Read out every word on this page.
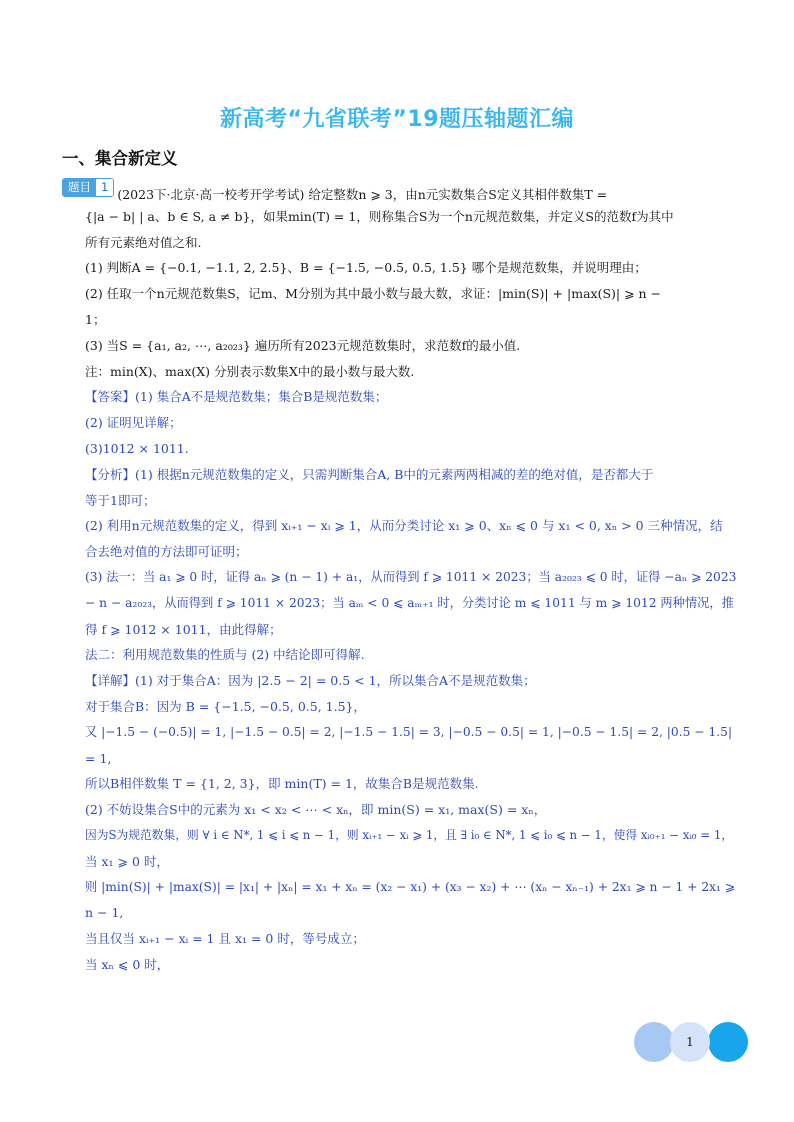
新高考“九省联考”19题压轴题汇编
一、集合新定义
题目 1 (2023下·北京·高一校考开学考试) 给定整数n ⩾ 3，由n元实数集合S定义其相伴数集T =
{|a − b| | a、b ∈ S, a ≠ b}，如果min(T) = 1，则称集合S为一个n元规范数集，并定义S的范数f为其中
所有元素绝对值之和.
(1) 判断A = {−0.1, −1.1, 2, 2.5}、B = {−1.5, −0.5, 0.5, 1.5} 哪个是规范数集，并说明理由；
(2) 任取一个n元规范数集S，记m、M分别为其中最小数与最大数，求证：|min(S)| + |max(S)| ⩾ n −
1；
(3) 当S = {a₁, a₂, ⋯, a₂₀₂₃} 遍历所有2023元规范数集时，求范数f的最小值.
注：min(X)、max(X) 分别表示数集X中的最小数与最大数.
【答案】(1) 集合A不是规范数集；集合B是规范数集；
(2) 证明见详解；
(3)1012 × 1011.
【分析】(1) 根据n元规范数集的定义，只需判断集合A, B中的元素两两相减的差的绝对值，是否都大于
等于1即可；
(2) 利用n元规范数集的定义，得到 xᵢ₊₁ − xᵢ ⩾ 1，从而分类讨论 x₁ ⩾ 0、xₙ ⩽ 0 与 x₁ < 0, xₙ > 0 三种情况，结
合去绝对值的方法即可证明；
(3) 法一：当 a₁ ⩾ 0 时，证得 aₙ ⩾ (n − 1) + a₁，从而得到 f ⩾ 1011 × 2023；当 a₂₀₂₃ ⩽ 0 时，证得 −aₙ ⩾ 2023
− n − a₂₀₂₃，从而得到 f ⩾ 1011 × 2023；当 aₘ < 0 ⩽ aₘ₊₁ 时，分类讨论 m ⩽ 1011 与 m ⩾ 1012 两种情况，推
得 f ⩾ 1012 × 1011，由此得解；
法二：利用规范数集的性质与 (2) 中结论即可得解.
【详解】(1) 对于集合A：因为 |2.5 − 2| = 0.5 < 1，所以集合A不是规范数集；
对于集合B：因为 B = {−1.5, −0.5, 0.5, 1.5}，
又 |−1.5 − (−0.5)| = 1, |−1.5 − 0.5| = 2, |−1.5 − 1.5| = 3, |−0.5 − 0.5| = 1, |−0.5 − 1.5| = 2, |0.5 − 1.5|
= 1,
所以B相伴数集 T = {1, 2, 3}，即 min(T) = 1，故集合B是规范数集.
(2) 不妨设集合S中的元素为 x₁ < x₂ < ⋯ < xₙ，即 min(S) = x₁, max(S) = xₙ，
因为S为规范数集，则 ∀ i ∈ N*, 1 ⩽ i ⩽ n − 1，则 xᵢ₊₁ − xᵢ ⩾ 1，且 ∃ i₀ ∈ N*, 1 ⩽ i₀ ⩽ n − 1，使得 xᵢ₀₊₁ − xᵢ₀ = 1，
当 x₁ ⩾ 0 时，
则 |min(S)| + |max(S)| = |x₁| + |xₙ| = x₁ + xₙ = (x₂ − x₁) + (x₃ − x₂) + ⋯ (xₙ − xₙ₋₁) + 2x₁ ⩾ n − 1 + 2x₁ ⩾
n − 1,
当且仅当 xᵢ₊₁ − xᵢ = 1 且 x₁ = 0 时，等号成立；
当 xₙ ⩽ 0 时，
1
